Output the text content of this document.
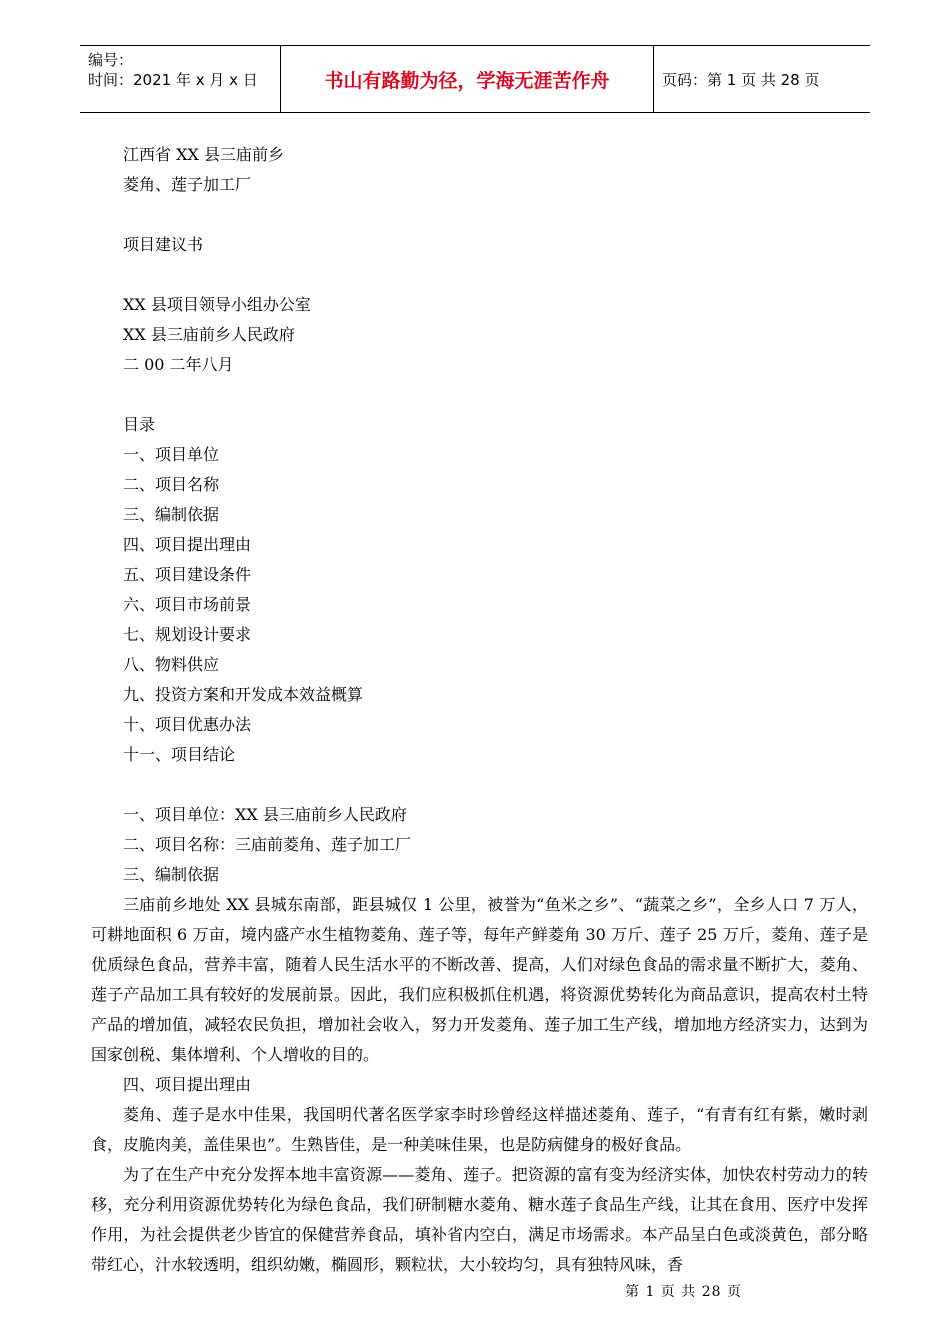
编号：
时间：2021 年 x 月 x 日	书山有路勤为径，学海无涯苦作舟	页码：第 1 页 共 28 页
江西省 XX 县三庙前乡
菱角、莲子加工厂
项目建议书
XX 县项目领导小组办公室
XX 县三庙前乡人民政府
二 00 二年八月
目录
一、项目单位
二、项目名称
三、编制依据
四、项目提出理由
五、项目建设条件
六、项目市场前景
七、规划设计要求
八、物料供应
九、投资方案和开发成本效益概算
十、项目优惠办法
十一、项目结论
一、项目单位：XX 县三庙前乡人民政府
二、项目名称：三庙前菱角、莲子加工厂
三、编制依据
三庙前乡地处 XX 县城东南部，距县城仅 1 公里，被誉为“鱼米之乡”、“蔬菜之乡”，全乡人口 7 万人，可耕地面积 6 万亩，境内盛产水生植物菱角、莲子等，每年产鲜菱角 30 万斤、莲子 25 万斤，菱角、莲子是优质绿色食品，营养丰富，随着人民生活水平的不断改善、提高，人们对绿色食品的需求量不断扩大，菱角、莲子产品加工具有较好的发展前景。因此，我们应积极抓住机遇，将资源优势转化为商品意识，提高农村土特产品的增加值，减轻农民负担，增加社会收入，努力开发菱角、莲子加工生产线，增加地方经济实力，达到为国家创税、集体增利、个人增收的目的。
四、项目提出理由
菱角、莲子是水中佳果，我国明代著名医学家李时珍曾经这样描述菱角、莲子，“有青有红有紫，嫩时剥食，皮脆肉美，盖佳果也”。生熟皆佳，是一种美味佳果，也是防病健身的极好食品。
为了在生产中充分发挥本地丰富资源——菱角、莲子。把资源的富有变为经济实体，加快农村劳动力的转移，充分利用资源优势转化为绿色食品，我们研制糖水菱角、糖水莲子食品生产线，让其在食用、医疗中发挥作用，为社会提供老少皆宜的保健营养食品，填补省内空白，满足市场需求。本产品呈白色或淡黄色，部分略带红心，汁水较透明，组织幼嫩，椭圆形，颗粒状，大小较均匀，具有独特风味，香
第 1 页 共 28 页
